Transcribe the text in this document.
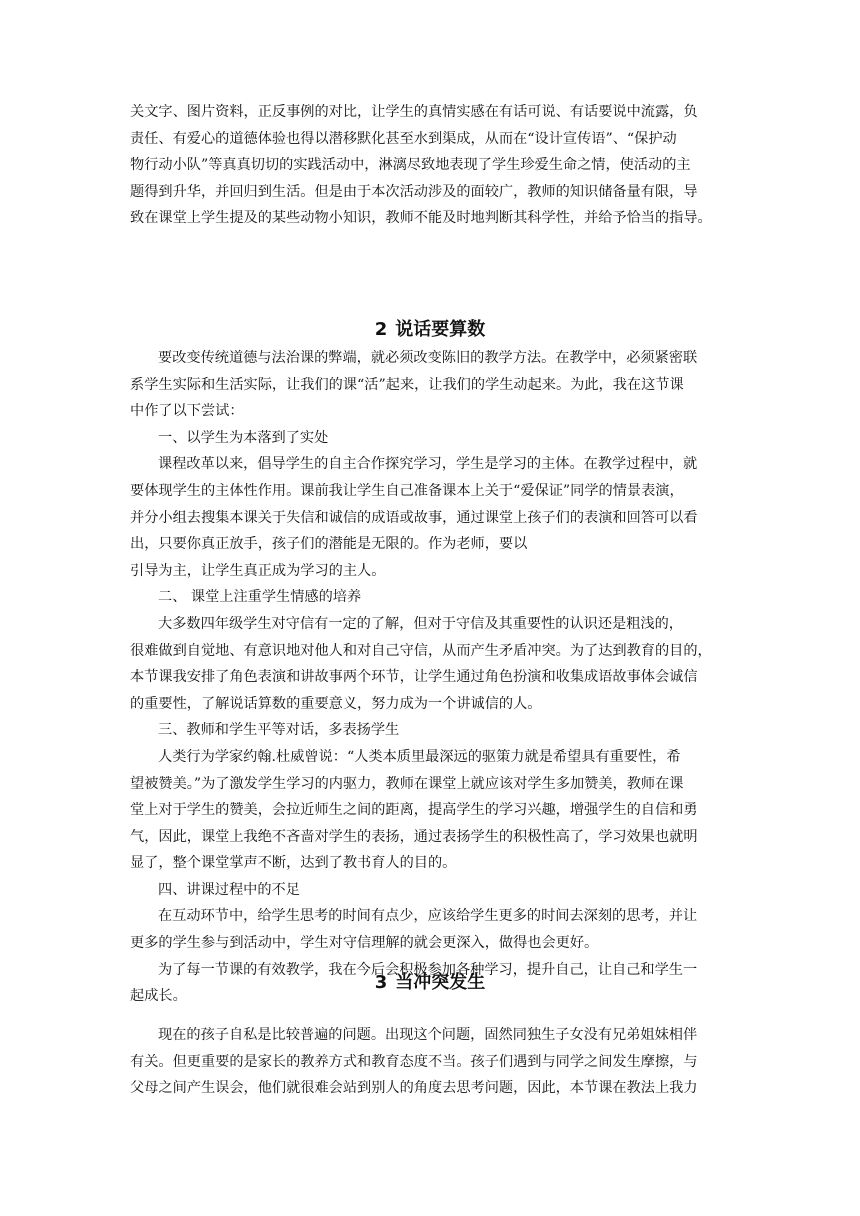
关文字、图片资料，正反事例的对比，让学生的真情实感在有话可说、有话要说中流露，负
责任、有爱心的道德体验也得以潜移默化甚至水到渠成，从而在“设计宣传语”、“保护动
物行动小队”等真真切切的实践活动中，淋漓尽致地表现了学生珍爱生命之情，使活动的主
题得到升华，并回归到生活。但是由于本次活动涉及的面较广，教师的知识储备量有限，导
致在课堂上学生提及的某些动物小知识，教师不能及时地判断其科学性，并给予恰当的指导。
2 说话要算数
要改变传统道德与法治课的弊端，就必须改变陈旧的教学方法。在教学中，必须紧密联
系学生实际和生活实际，让我们的课“活”起来，让我们的学生动起来。为此，我在这节课
中作了以下尝试：
一、以学生为本落到了实处
课程改革以来，倡导学生的自主合作探究学习，学生是学习的主体。在教学过程中，就
要体现学生的主体性作用。课前我让学生自己准备课本上关于“爱保证”同学的情景表演，
并分小组去搜集本课关于失信和诚信的成语或故事，通过课堂上孩子们的表演和回答可以看
出，只要你真正放手，孩子们的潜能是无限的。作为老师，要以
引导为主，让学生真正成为学习的主人。
二、 课堂上注重学生情感的培养
大多数四年级学生对守信有一定的了解，但对于守信及其重要性的认识还是粗浅的，
很难做到自觉地、有意识地对他人和对自己守信，从而产生矛盾冲突。为了达到教育的目的，
本节课我安排了角色表演和讲故事两个环节，让学生通过角色扮演和收集成语故事体会诚信
的重要性，了解说话算数的重要意义，努力成为一个讲诚信的人。
三、教师和学生平等对话，多表扬学生
人类行为学家约翰.杜威曾说：“人类本质里最深远的驱策力就是希望具有重要性，希
望被赞美。”为了激发学生学习的内驱力，教师在课堂上就应该对学生多加赞美，教师在课
堂上对于学生的赞美，会拉近师生之间的距离，提高学生的学习兴趣，增强学生的自信和勇
气，因此，课堂上我绝不吝啬对学生的表扬，通过表扬学生的积极性高了，学习效果也就明
显了，整个课堂掌声不断，达到了教书育人的目的。
四、讲课过程中的不足
在互动环节中，给学生思考的时间有点少，应该给学生更多的时间去深刻的思考，并让
更多的学生参与到活动中，学生对守信理解的就会更深入，做得也会更好。
为了每一节课的有效教学，我在今后会积极参加各种学习，提升自己，让自己和学生一
起成长。
3 当冲突发生
现在的孩子自私是比较普遍的问题。出现这个问题，固然同独生子女没有兄弟姐妹相伴
有关。但更重要的是家长的教养方式和教育态度不当。孩子们遇到与同学之间发生摩擦，与
父母之间产生误会，他们就很难会站到别人的角度去思考问题，因此，本节课在教法上我力
